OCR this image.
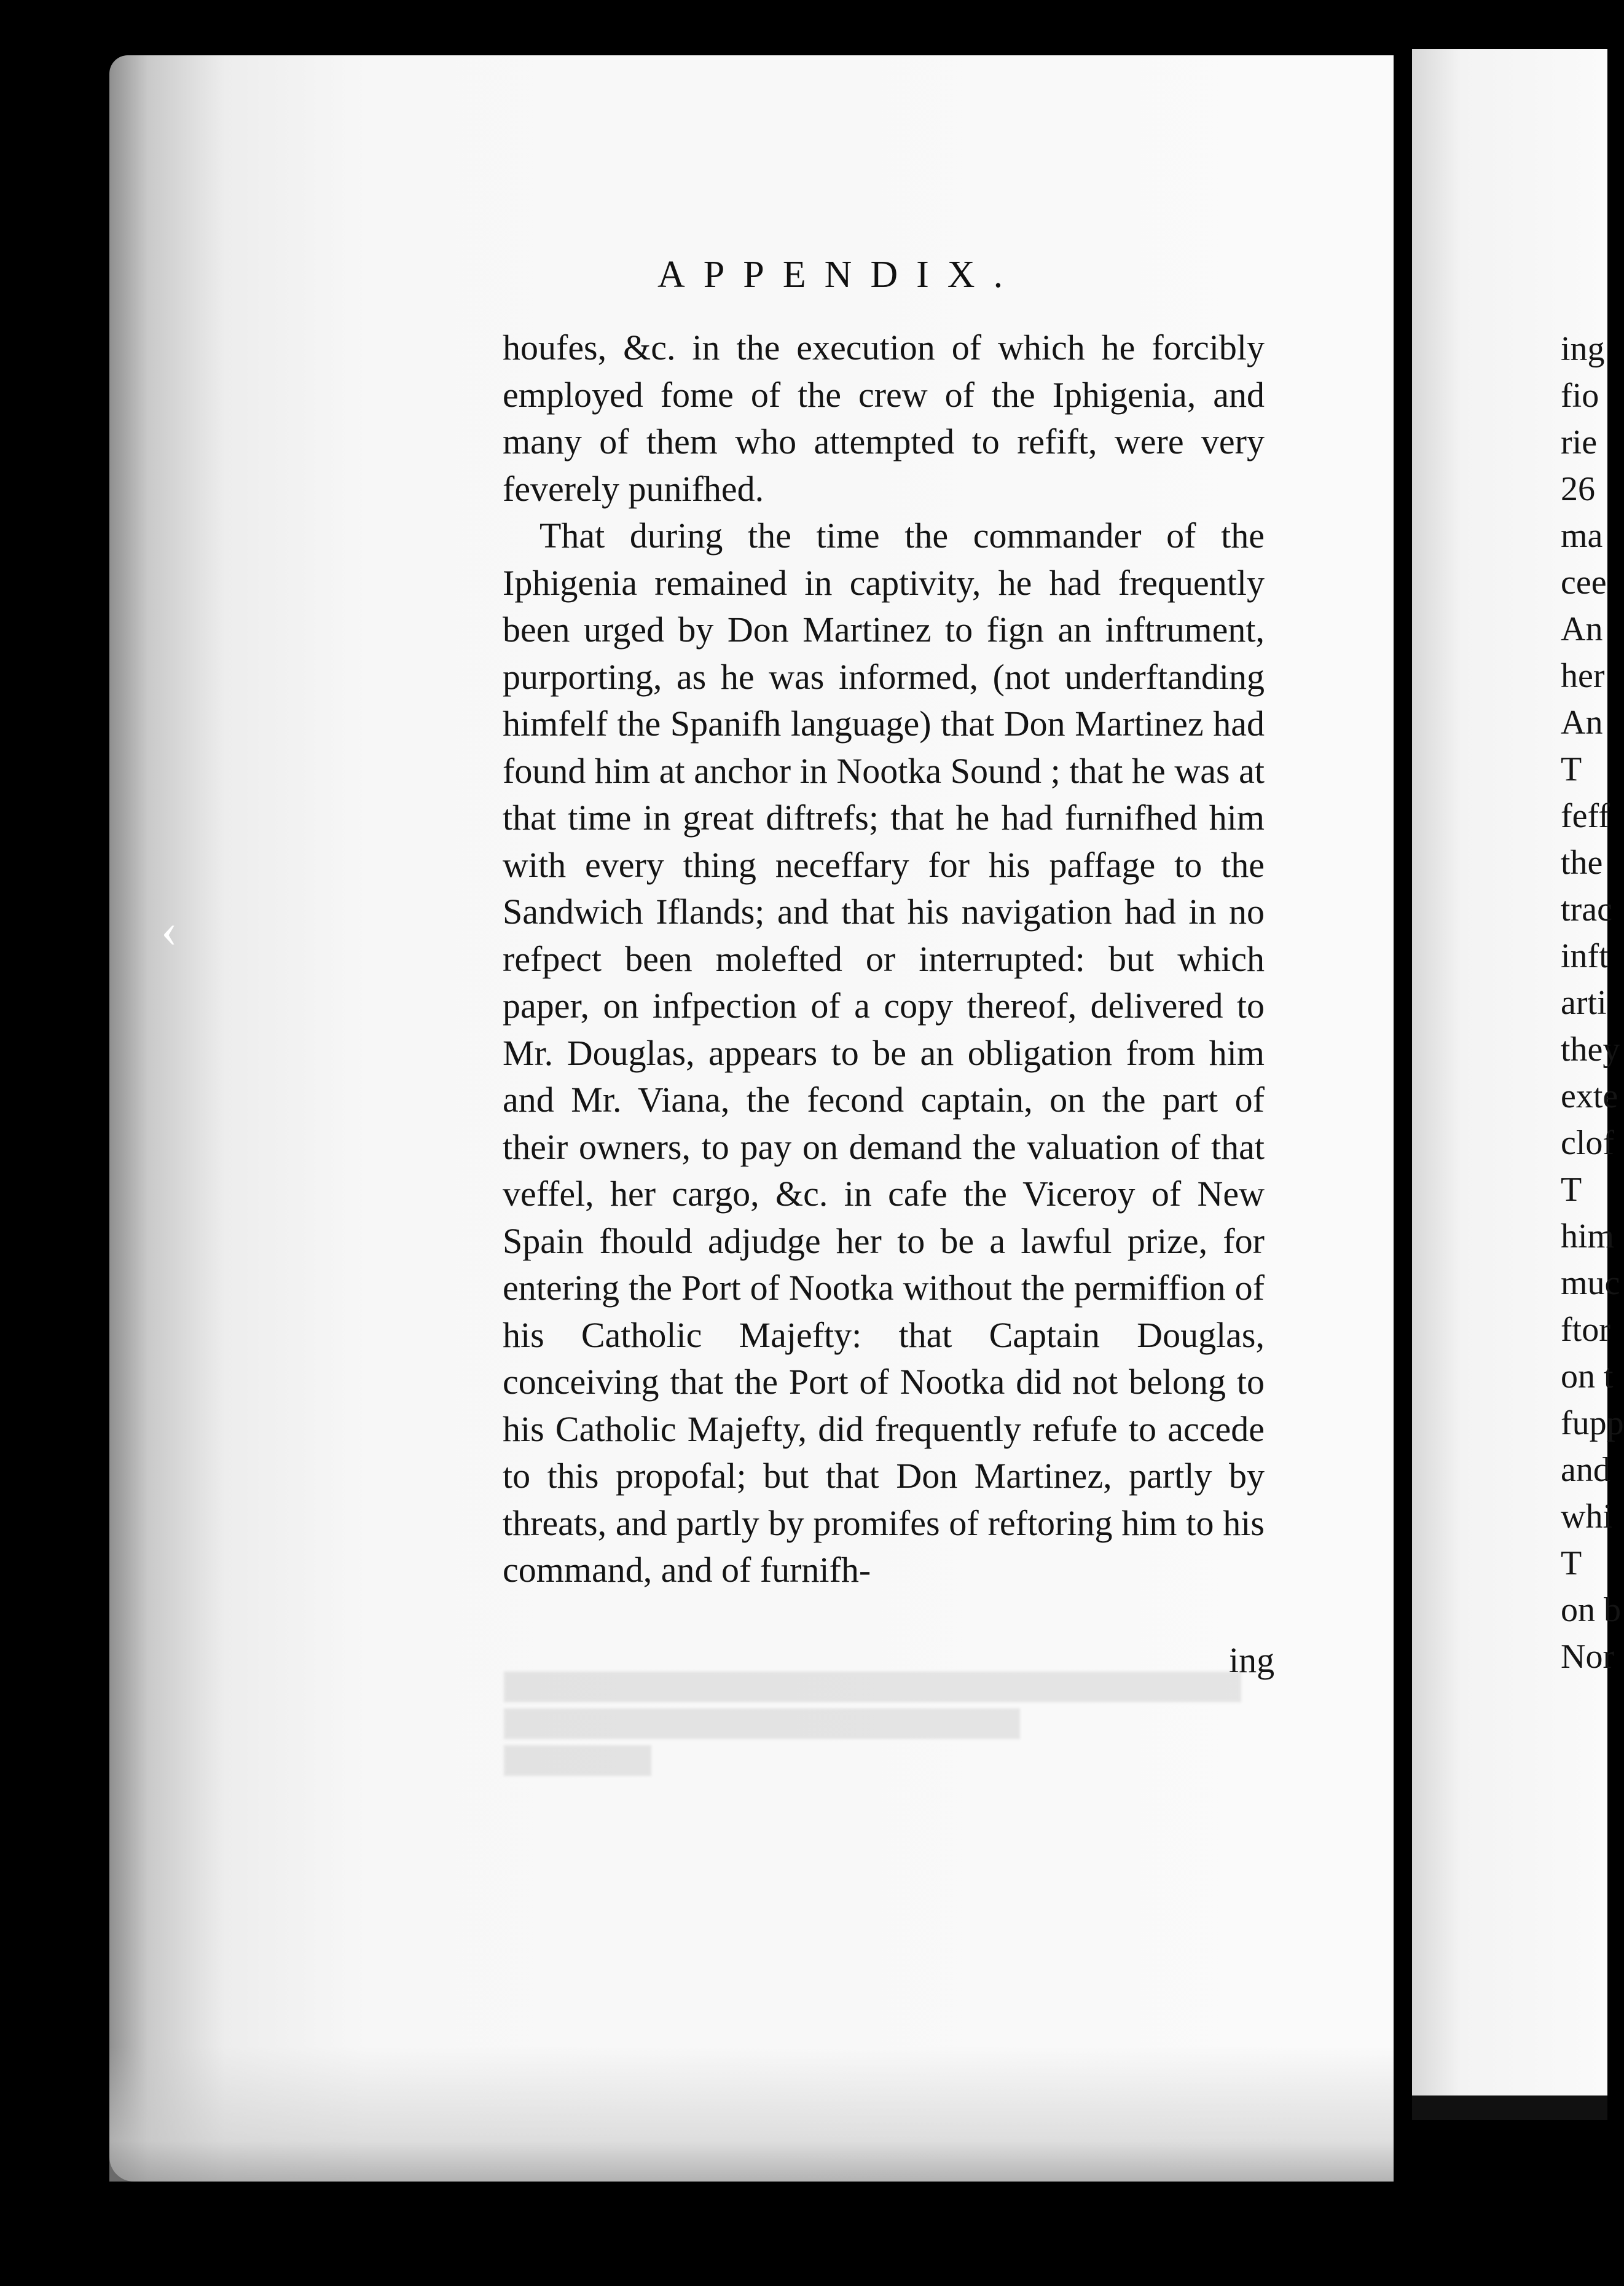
‹
APPENDIX.

houfes, &c. in the execution of which he forcibly employed fome of the crew of the Iphigenia, and many of them who attempted to refift, were very feverely punifhed.

That during the time the commander of the Iphigenia remained in captivity, he had frequently been urged by Don Martinez to fign an inftrument, purporting, as he was informed, (not underftanding himfelf the Spanifh language) that Don Martinez had found him at anchor in Nootka Sound ; that he was at that time in great diftrefs; that he had furnifhed him with every thing neceffary for his paffage to the Sandwich Iflands; and that his navigation had in no refpect been molefted or interrupted: but which paper, on infpection of a copy thereof, delivered to Mr. Douglas, appears to be an obligation from him and Mr. Viana, the fecond captain, on the part of their owners, to pay on demand the valuation of that veffel, her cargo, &c. in cafe the Viceroy of New Spain fhould adjudge her to be a lawful prize, for entering the Port of Nootka without the permiffion of his Catholic Majefty: that Captain Douglas, conceiving that the Port of Nootka did not belong to his Catholic Majefty, did frequently refufe to accede to this propofal; but that Don Martinez, partly by threats, and partly by promifes of reftoring him to his command, and of furnifh-

ing
ing
fio
rie
26
ma
cee
An
her
An
T
feff
the
trac
inft
arti
they
exte
clof
T
him
muc
ftor
on t
fupp
and
whi
T
on b
Nor
